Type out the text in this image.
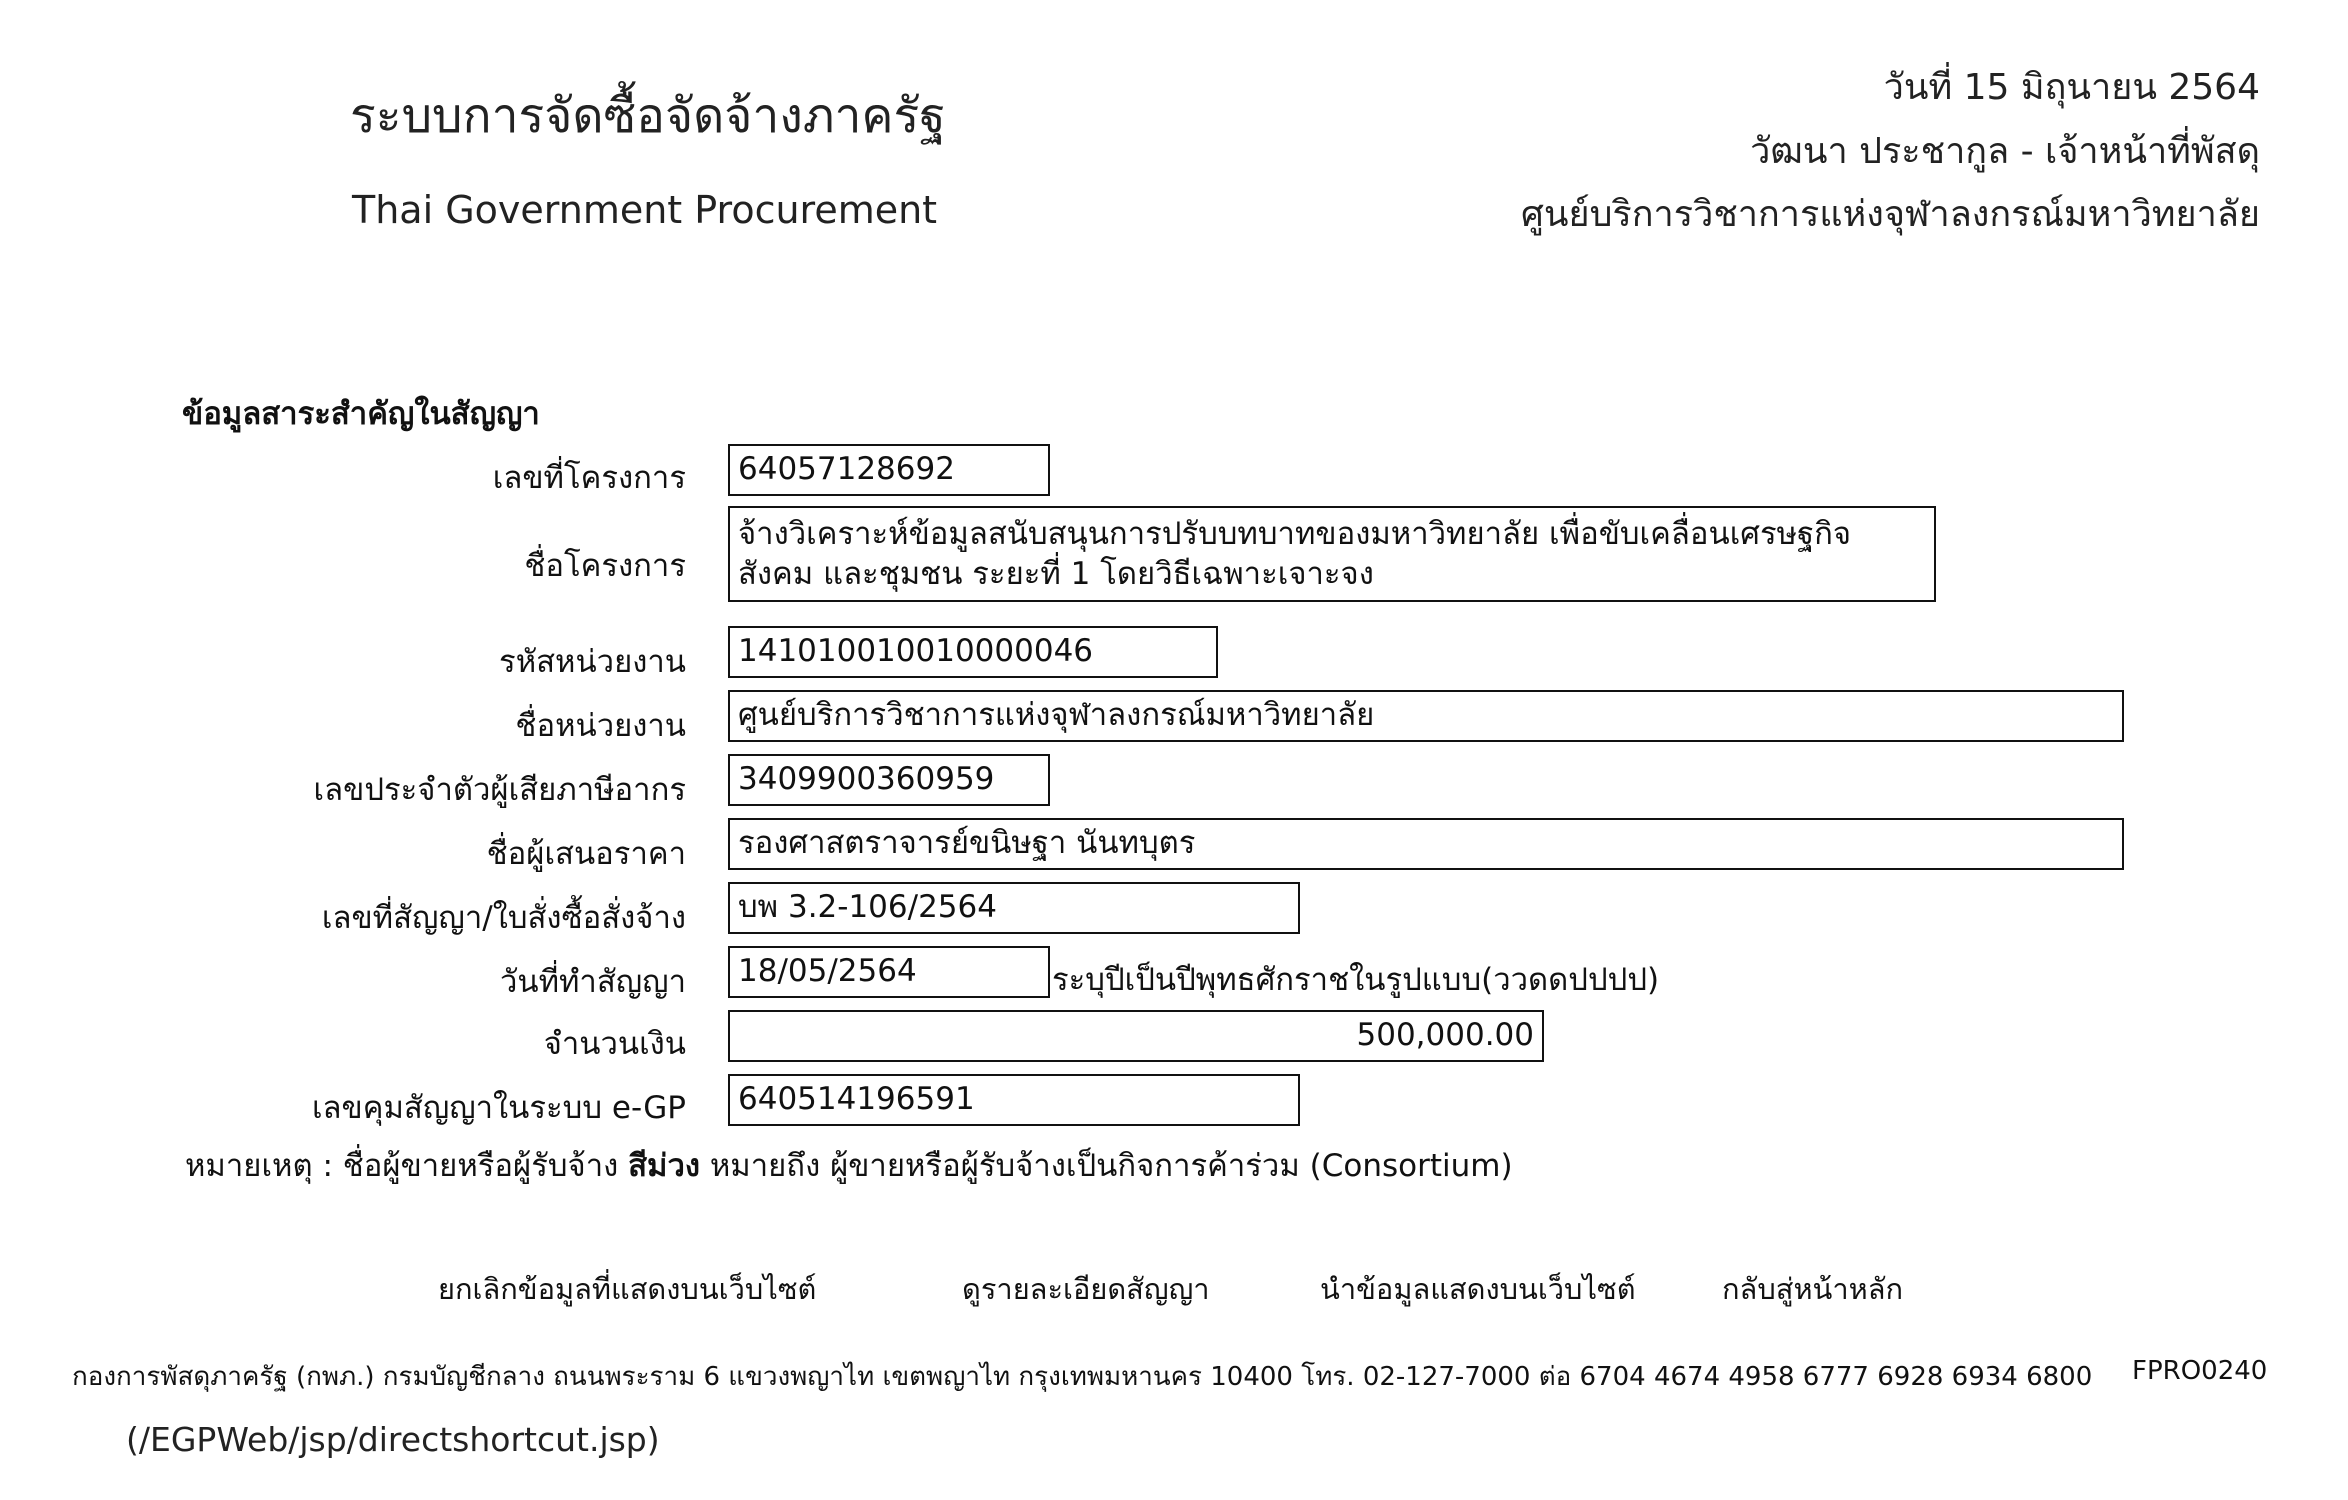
ระบบการจัดซื้อจัดจ้างภาครัฐ
Thai Government Procurement
วันที่ 15 มิถุนายน 2564
วัฒนา ประชากูล - เจ้าหน้าที่พัสดุ
ศูนย์บริการวิชาการแห่งจุฬาลงกรณ์มหาวิทยาลัย
ข้อมูลสาระสำคัญในสัญญา
เลขที่โครงการ	64057128692
ชื่อโครงการ
จ้างวิเคราะห์ข้อมูลสนับสนุนการปรับบทบาทของมหาวิทยาลัย เพื่อขับเคลื่อนเศรษฐกิจ
สังคม และชุมชน ระยะที่ 1 โดยวิธีเฉพาะเจาะจง
รหัสหน่วยงาน	141010010010000046
ชื่อหน่วยงาน	ศูนย์บริการวิชาการแห่งจุฬาลงกรณ์มหาวิทยาลัย
เลขประจำตัวผู้เสียภาษีอากร	3409900360959
ชื่อผู้เสนอราคา	รองศาสตราจารย์ขนิษฐา นันทบุตร
เลขที่สัญญา/ใบสั่งซื้อสั่งจ้าง	บพ 3.2-106/2564
วันที่ทำสัญญา	18/05/2564	ระบุปีเป็นปีพุทธศักราชในรูปแบบ(ววดดปปปป)
จำนวนเงิน	500,000.00
เลขคุมสัญญาในระบบ e-GP	640514196591
หมายเหตุ : ชื่อผู้ขายหรือผู้รับจ้าง สีม่วง หมายถึง ผู้ขายหรือผู้รับจ้างเป็นกิจการค้าร่วม (Consortium)
ยกเลิกข้อมูลที่แสดงบนเว็บไซต์	ดูรายละเอียดสัญญา	นำข้อมูลแสดงบนเว็บไซต์	กลับสู่หน้าหลัก
กองการพัสดุภาครัฐ (กพภ.) กรมบัญชีกลาง ถนนพระราม 6 แขวงพญาไท เขตพญาไท กรุงเทพมหานคร 10400 โทร. 02-127-7000 ต่อ 6704 4674 4958 6777 6928 6934 6800 FPRO0240
(/EGPWeb/jsp/directshortcut.jsp)
